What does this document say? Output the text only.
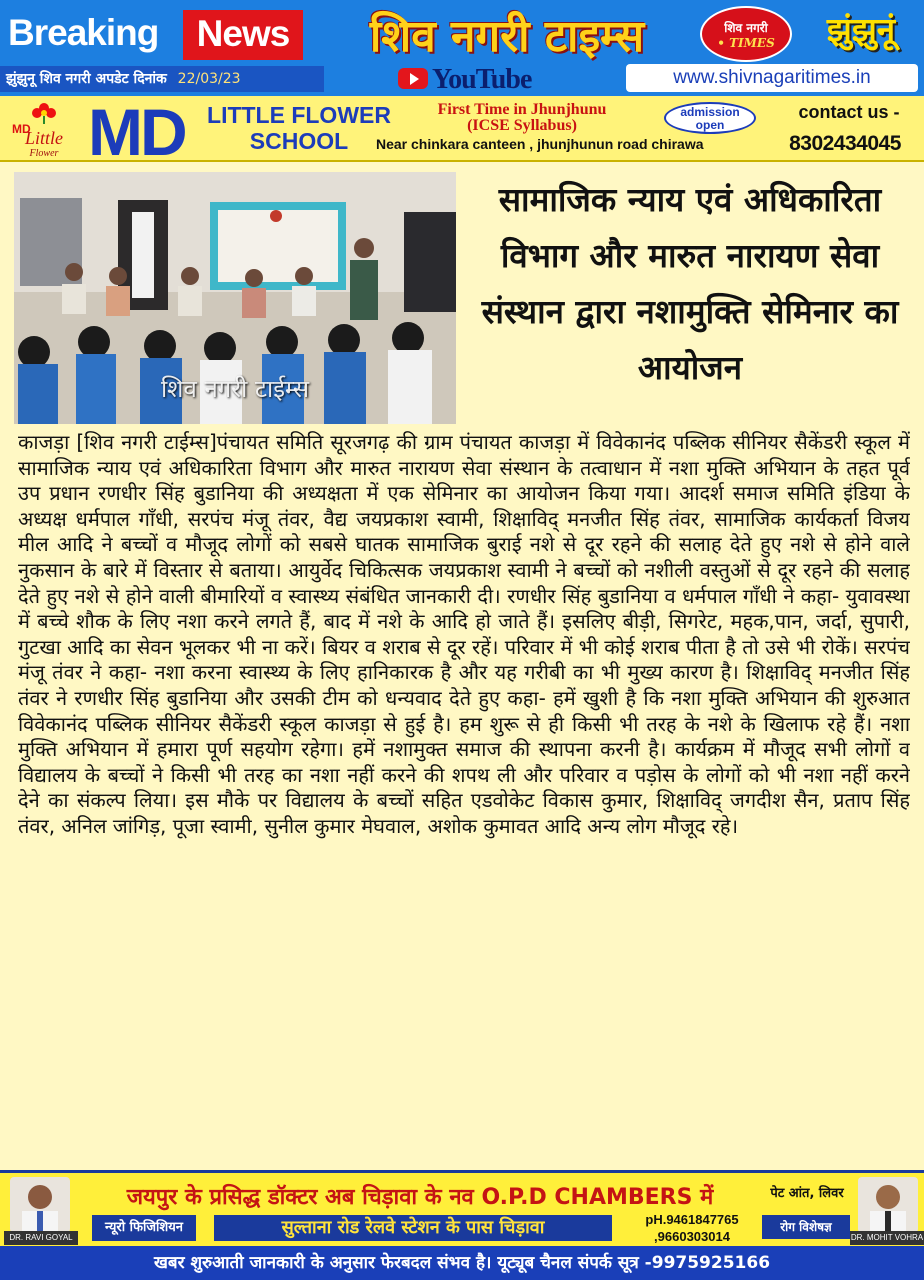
Breaking	News	शिव नगरी टाइम्स	शिव नगरी
• TIMES	झुंझुनूं
झुंझुनू शिव नगरी अपडेट दिनांक 22/03/23	YouTube	www.shivnagaritimes.in
MD
Little
Flower MD LITTLE FLOWER
SCHOOL
First Time in Jhunjhunu
(ICSE Syllabus)
admission
open
Near chinkara canteen , jhunjhunun road chirawa
contact us -
8302434045
शिव नगरी टाईम्स
सामाजिक न्याय एवं अधिकारिता विभाग और मारुत नारायण सेवा संस्थान द्वारा नशामुक्ति सेमिनार का आयोजन
काजड़ा [शिव नगरी टाईम्स]पंचायत समिति सूरजगढ़ की ग्राम पंचायत काजड़ा में विवेकानंद पब्लिक सीनियर सैकेंडरी स्कूल में सामाजिक न्याय एवं अधिकारिता विभाग और मारुत नारायण सेवा संस्थान के तत्वाधान में नशा मुक्ति अभियान के तहत पूर्व उप प्रधान रणधीर सिंह बुडानिया की अध्यक्षता में एक सेमिनार का आयोजन किया गया। आदर्श समाज समिति इंडिया के अध्यक्ष धर्मपाल गाँधी, सरपंच मंजू तंवर, वैद्य जयप्रकाश स्वामी, शिक्षाविद् मनजीत सिंह तंवर, सामाजिक कार्यकर्ता विजय मील आदि ने बच्चों व मौजूद लोगों को सबसे घातक सामाजिक बुराई नशे से दूर रहने की सलाह देते हुए नशे से होने वाले नुकसान के बारे में विस्तार से बताया। आयुर्वेद चिकित्सक जयप्रकाश स्वामी ने बच्चों को नशीली वस्तुओं से दूर रहने की सलाह देते हुए नशे से होने वाली बीमारियों व स्वास्थ्य संबंधित जानकारी दी। रणधीर सिंह बुडानिया व धर्मपाल गाँधी ने कहा- युवावस्था में बच्चे शौक के लिए नशा करने लगते हैं, बाद में नशे के आदि हो जाते हैं। इसलिए बीड़ी, सिगरेट, महक,पान, जर्दा, सुपारी, गुटखा आदि का सेवन भूलकर भी ना करें। बियर व शराब से दूर रहें। परिवार में भी कोई शराब पीता है तो उसे भी रोकें। सरपंच मंजू तंवर ने कहा- नशा करना स्वास्थ्य के लिए हानिकारक है और यह गरीबी का भी मुख्य कारण है। शिक्षाविद् मनजीत सिंह तंवर ने रणधीर सिंह बुडानिया और उसकी टीम को धन्यवाद देते हुए कहा- हमें खुशी है कि नशा मुक्ति अभियान की शुरुआत विवेकानंद पब्लिक सीनियर सैकेंडरी स्कूल काजड़ा से हुई है। हम शुरू से ही किसी भी तरह के नशे के खिलाफ रहे हैं। नशा मुक्ति अभियान में हमारा पूर्ण सहयोग रहेगा। हमें नशामुक्त समाज की स्थापना करनी है। कार्यक्रम में मौजूद सभी लोगों व विद्यालय के बच्चों ने किसी भी तरह का नशा नहीं करने की शपथ ली और परिवार व पड़ोस के लोगों को भी नशा नहीं करने देने का संकल्प लिया। इस मौके पर विद्यालय के बच्चों सहित एडवोकेट विकास कुमार, शिक्षाविद् जगदीश सैन, प्रताप सिंह तंवर, अनिल जांगिड़, पूजा स्वामी, सुनील कुमार मेघवाल, अशोक कुमावत आदि अन्य लोग मौजूद रहे।
DR. RAVI GOYAL
जयपुर के प्रसिद्ध डॉक्टर अब चिड़ावा के नव O.P.D CHAMBERS में
न्यूरो फिजिशियन	सुल्ताना रोड रेलवे स्टेशन के पास चिड़ावा	pH.9461847765
,9660303014
पेट आंत, लिवर
रोग विशेषज्ञ
DR. MOHIT VOHRA
खबर शुरुआती जानकारी के अनुसार फेरबदल संभव है। यूट्यूब चैनल संपर्क सूत्र -9975925166
